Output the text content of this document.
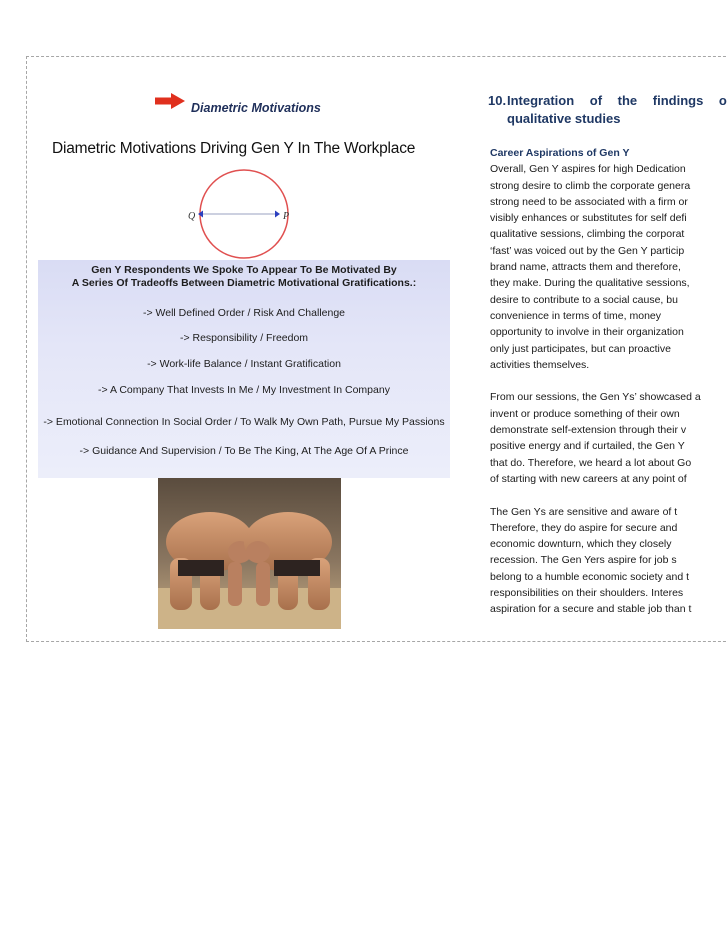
Diametric Motivations
Diametric Motivations Driving Gen Y In The Workplace
Q	P
Gen Y Respondents We Spoke To Appear To Be Motivated By
A Series Of Tradeoffs Between Diametric Motivational Gratifications.:
-> Well Defined Order / Risk And Challenge
-> Responsibility / Freedom
-> Work-life Balance / Instant Gratification
-> A Company That Invests In Me / My Investment In Company
-> Emotional Connection In Social Order / To Walk My Own Path, Pursue My Passions
-> Guidance And Supervision / To Be The King, At The Age Of A Prince
10. Integration of the findings o
qualitative studies
Career Aspirations of Gen Y
Overall, Gen Y aspires for high Dedication
strong desire to climb the corporate genera
strong need to be associated with a firm or
visibly enhances or substitutes for self defi
qualitative sessions, climbing the corporat
‘fast’ was voiced out by the Gen Y particip
brand name, attracts them and therefore,
they make. During the qualitative sessions,
desire to contribute to a social cause, bu
convenience in terms of time, money
opportunity to involve in their organization
only just participates, but can proactive
activities themselves.
From our sessions, the Gen Ys’ showcased a
invent or produce something of their own
demonstrate self-extension through their v
positive energy and if curtailed, the Gen Y
that do. Therefore, we heard a lot about Go
of starting with new careers at any point of
The Gen Ys are sensitive and aware of t
Therefore, they do aspire for secure and
economic downturn, which they closely
recession. The Gen Yers aspire for job s
belong to a humble economic society and t
responsibilities on their shoulders. Interes
aspiration for a secure and stable job than t
